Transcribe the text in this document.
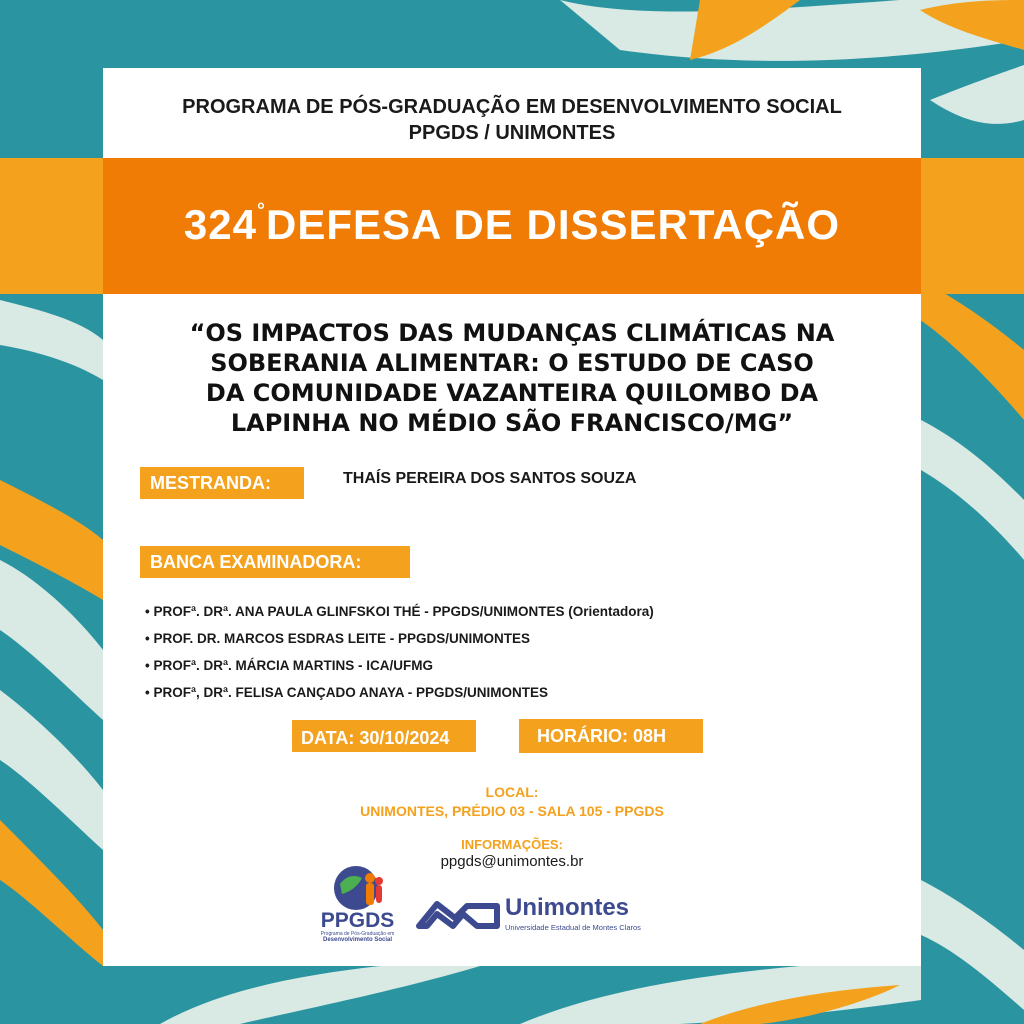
PROGRAMA DE PÓS-GRADUAÇÃO EM DESENVOLVIMENTO SOCIAL
PPGDS / UNIMONTES
324°DEFESA DE DISSERTAÇÃO
“OS IMPACTOS DAS MUDANÇAS CLIMÁTICAS NA
SOBERANIA ALIMENTAR: O ESTUDO DE CASO
DA COMUNIDADE VAZANTEIRA QUILOMBO DA
LAPINHA NO MÉDIO SÃO FRANCISCO/MG”
MESTRANDA:	THAÍS PEREIRA DOS SANTOS SOUZA
BANCA EXAMINADORA:
• PROFª. DRª. ANA PAULA GLINFSKOI THÉ - PPGDS/UNIMONTES (Orientadora)
• PROF. DR. MARCOS ESDRAS LEITE - PPGDS/UNIMONTES
• PROFª. DRª. MÁRCIA MARTINS - ICA/UFMG
• PROFª, DRª. FELISA CANÇADO ANAYA - PPGDS/UNIMONTES
DATA: 30/10/2024	HORÁRIO: 08H
LOCAL:
UNIMONTES, PRÉDIO 03 - SALA 105 - PPGDS
INFORMAÇÕES:
ppgds@unimontes.br
PPGDS
Programa de Pós-Graduação em
Desenvolvimento Social
Unimontes
Universidade Estadual de Montes Claros
